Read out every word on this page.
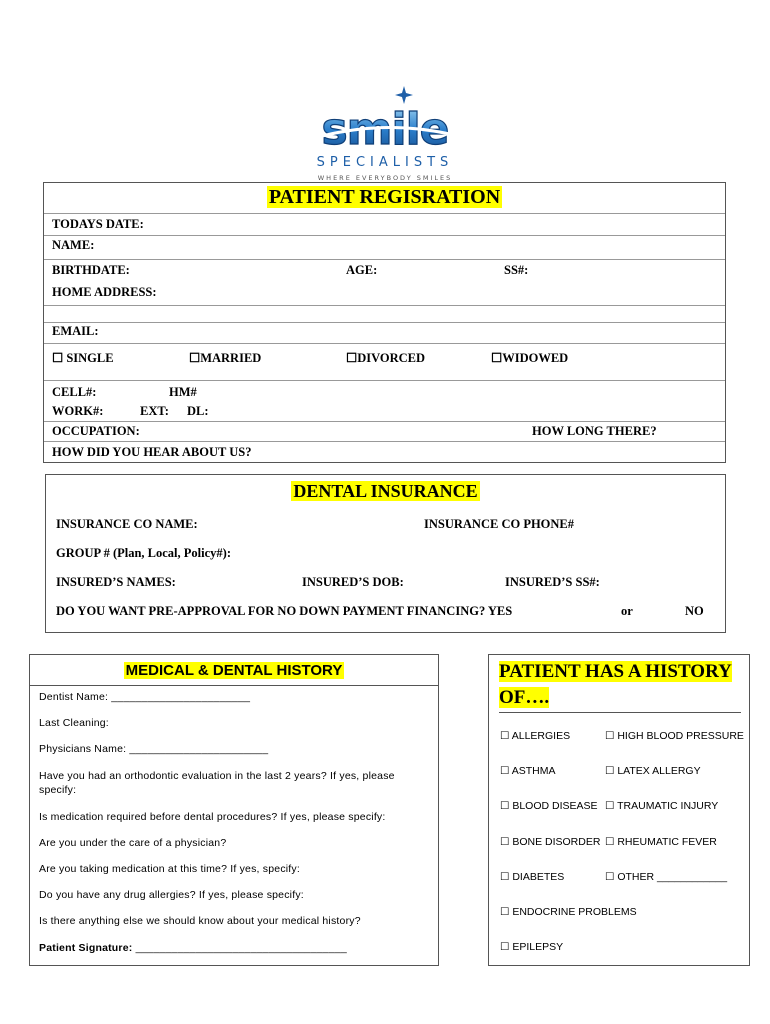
smile
SPECIALISTS
WHERE EVERYBODY SMILES
PATIENT REGISRATION
TODAYS DATE:
NAME:
BIRTHDATE:	AGE:	SS#:
HOME ADDRESS:
EMAIL:
☐ SINGLE	☐MARRIED	☐DIVORCED	☐WIDOWED
CELL#:	HM#
WORK#:	EXT: DL:
OCCUPATION:	HOW LONG THERE?
HOW DID YOU HEAR ABOUT US?
DENTAL INSURANCE
INSURANCE CO NAME:	INSURANCE CO PHONE#
GROUP # (Plan, Local, Policy#):
INSURED’S NAMES:	INSURED’S DOB:	INSURED’S SS#:
DO YOU WANT PRE-APPROVAL FOR NO DOWN PAYMENT FINANCING? YES	or	NO
MEDICAL & DENTAL HISTORY
Dentist Name: _______________________
Last Cleaning:
Physicians Name: _______________________
Have you had an orthodontic evaluation in the last 2 years? If yes, please specify:
Is medication required before dental procedures? If yes, please specify:
Are you under the care of a physician?
Are you taking medication at this time? If yes, specify:
Do you have any drug allergies? If yes, please specify:
Is there anything else we should know about your medical history?
Patient Signature: ___________________________________
PATIENT HAS A HISTORY OF….
☐ ALLERGIES	☐ HIGH BLOOD PRESSURE
☐ ASTHMA	☐ LATEX ALLERGY
☐ BLOOD DISEASE ☐ TRAUMATIC INJURY
☐ BONE DISORDER ☐ RHEUMATIC FEVER
☐ DIABETES	☐ OTHER ____________
☐ ENDOCRINE PROBLEMS
☐ EPILEPSY
